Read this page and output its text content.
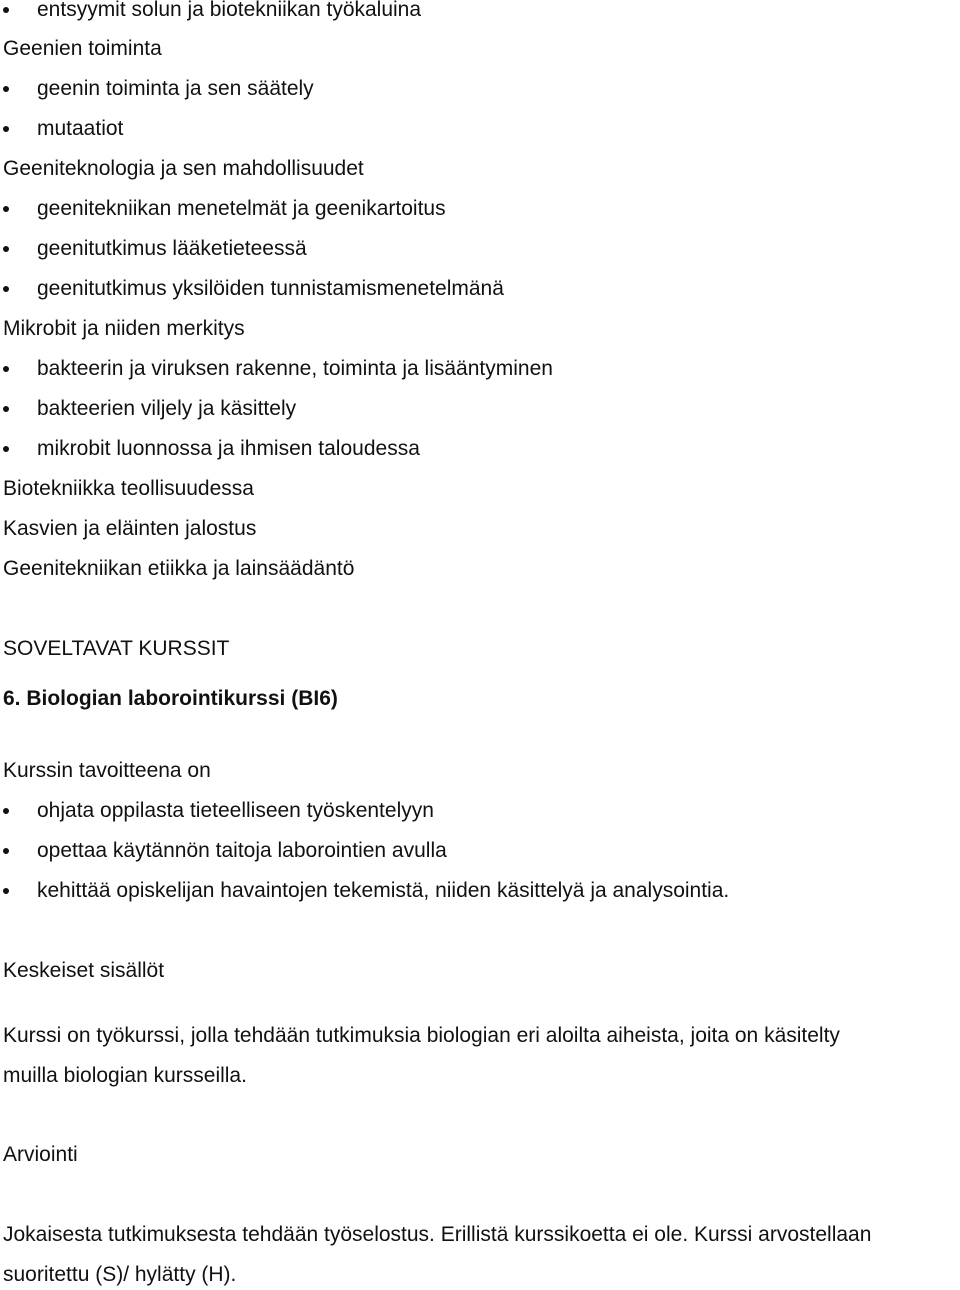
entsyymit solun ja biotekniikan työkaluina
Geenien toiminta
geenin toiminta ja sen säätely
mutaatiot
Geeniteknologia ja sen mahdollisuudet
geenitekniikan menetelmät ja geenikartoitus
geenitutkimus lääketieteessä
geenitutkimus yksilöiden tunnistamismenetelmänä
Mikrobit ja niiden merkitys
bakteerin ja viruksen rakenne, toiminta ja lisääntyminen
bakteerien viljely ja käsittely
mikrobit luonnossa ja ihmisen taloudessa
Biotekniikka teollisuudessa
Kasvien ja eläinten jalostus
Geenitekniikan etiikka ja lainsäädäntö
SOVELTAVAT KURSSIT
6. Biologian laborointikurssi (BI6)
Kurssin tavoitteena on
ohjata oppilasta tieteelliseen työskentelyyn
opettaa käytännön taitoja laborointien avulla
kehittää opiskelijan havaintojen tekemistä, niiden käsittelyä ja analysointia.
Keskeiset sisällöt
Kurssi on työkurssi, jolla tehdään tutkimuksia biologian eri aloilta aiheista, joita on käsitelty
muilla biologian kursseilla.
Arviointi
Jokaisesta tutkimuksesta tehdään työselostus. Erillistä kurssikoetta ei ole. Kurssi arvostellaan
suoritettu (S)/ hylätty (H).
